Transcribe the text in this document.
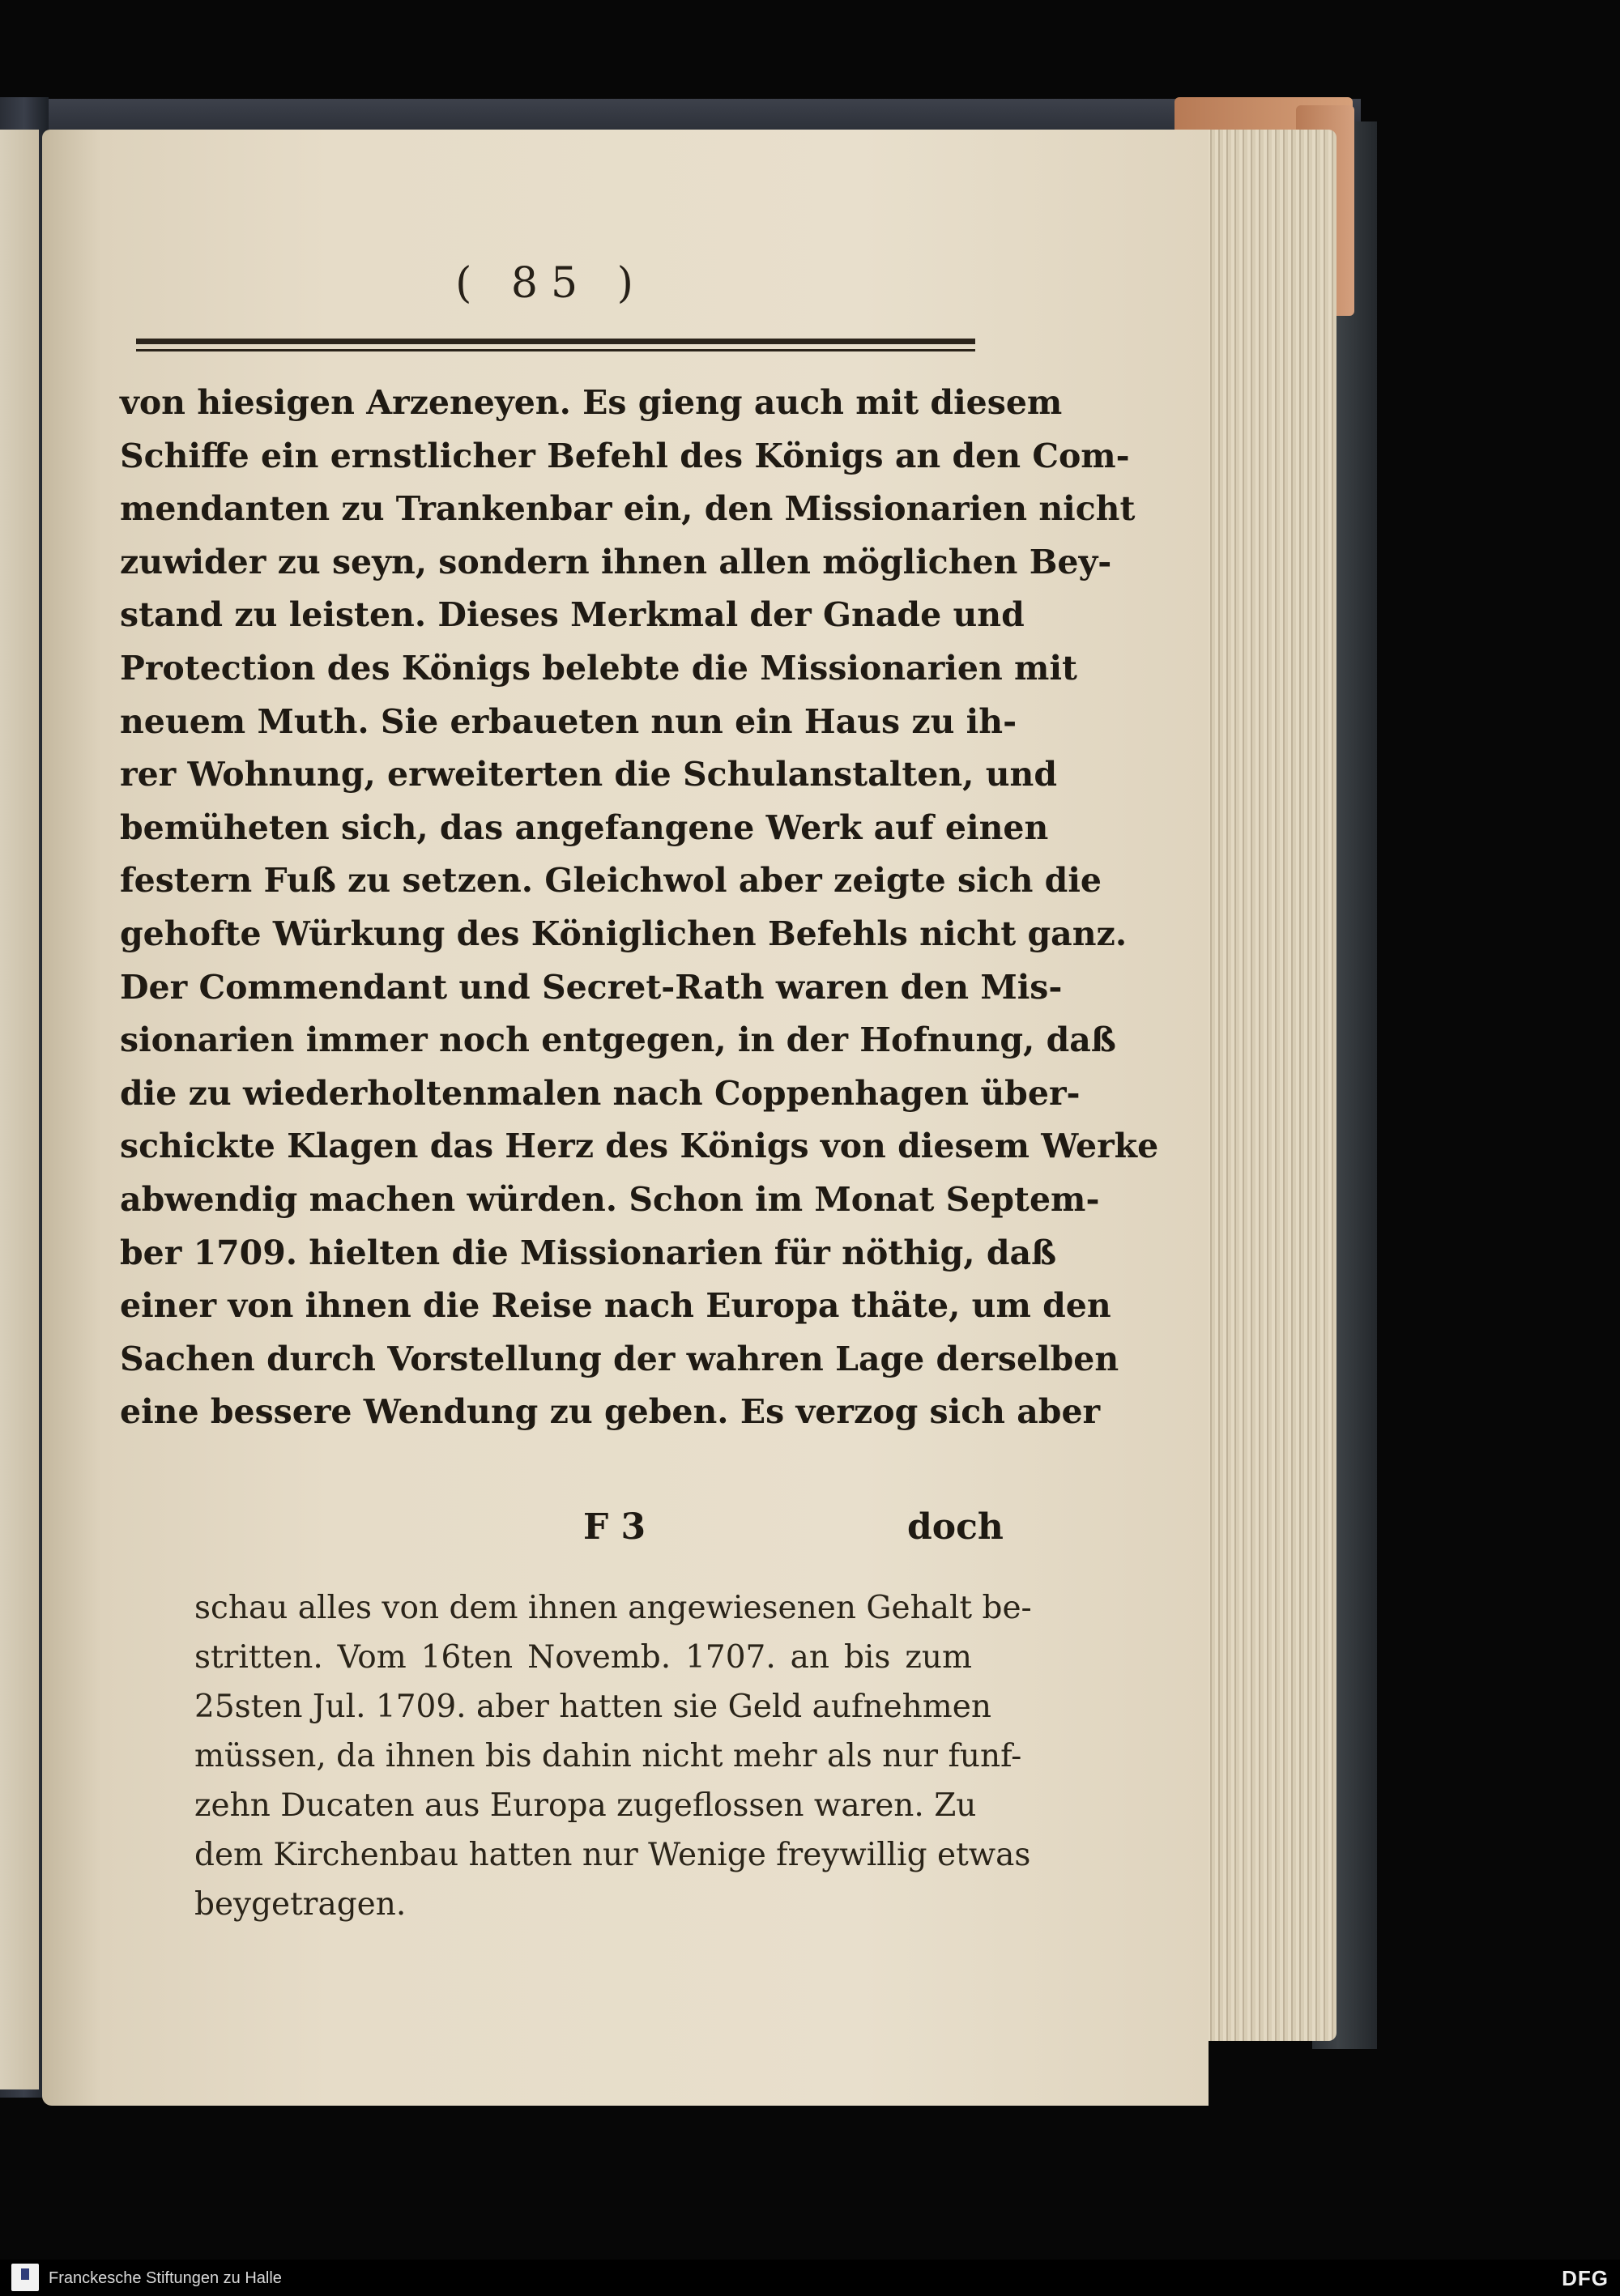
( 85 )
von hiesigen Arzeneyen. Es gieng auch mit diesem
Schiffe ein ernstlicher Befehl des Königs an den Com-
mendanten zu Trankenbar ein, den Missionarien nicht
zuwider zu seyn, sondern ihnen allen möglichen Bey-
stand zu leisten. Dieses Merkmal der Gnade und
Protection des Königs belebte die Missionarien mit
neuem Muth. Sie erbaueten nun ein Haus zu ih-
rer Wohnung, erweiterten die Schulanstalten, und
bemüheten sich, das angefangene Werk auf einen
festern Fuß zu setzen. Gleichwol aber zeigte sich die
gehofte Würkung des Königlichen Befehls nicht ganz.
Der Commendant und Secret-Rath waren den Mis-
sionarien immer noch entgegen, in der Hofnung, daß
die zu wiederholtenmalen nach Coppenhagen über-
schickte Klagen das Herz des Königs von diesem Werke
abwendig machen würden. Schon im Monat Septem-
ber 1709. hielten die Missionarien für nöthig, daß
einer von ihnen die Reise nach Europa thäte, um den
Sachen durch Vorstellung der wahren Lage derselben
eine bessere Wendung zu geben. Es verzog sich aber
F 3	doch
schau alles von dem ihnen angewiesenen Gehalt be-
stritten. Vom 16ten Novemb. 1707. an bis zum
25sten Jul. 1709. aber hatten sie Geld aufnehmen
müssen, da ihnen bis dahin nicht mehr als nur funf-
zehn Ducaten aus Europa zugeflossen waren. Zu
dem Kirchenbau hatten nur Wenige freywillig etwas
beygetragen.
Franckesche Stiftungen zu Halle	DFG
